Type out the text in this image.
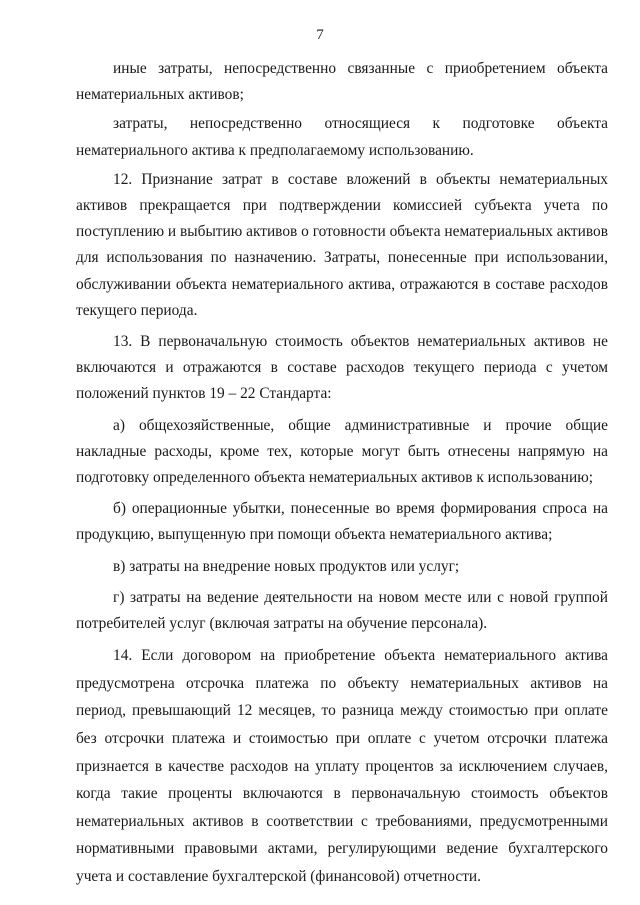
7

иные затраты, непосредственно связанные с приобретением объекта нематериальных активов;

затраты, непосредственно относящиеся к подготовке объекта нематериального актива к предполагаемому использованию.

12. Признание затрат в составе вложений в объекты нематериальных активов прекращается при подтверждении комиссией субъекта учета по поступлению и выбытию активов о готовности объекта нематериальных активов для использования по назначению. Затраты, понесенные при использовании, обслуживании объекта нематериального актива, отражаются в составе расходов текущего периода.

13. В первоначальную стоимость объектов нематериальных активов не включаются и отражаются в составе расходов текущего периода с учетом положений пунктов 19 – 22 Стандарта:

а) общехозяйственные, общие административные и прочие общие накладные расходы, кроме тех, которые могут быть отнесены напрямую на подготовку определенного объекта нематериальных активов к использованию;

б) операционные убытки, понесенные во время формирования спроса на продукцию, выпущенную при помощи объекта нематериального актива;

в) затраты на внедрение новых продуктов или услуг;

г) затраты на ведение деятельности на новом месте или с новой группой потребителей услуг (включая затраты на обучение персонала).

14. Если договором на приобретение объекта нематериального актива предусмотрена отсрочка платежа по объекту нематериальных активов на период, превышающий 12 месяцев, то разница между стоимостью при оплате без отсрочки платежа и стоимостью при оплате с учетом отсрочки платежа признается в качестве расходов на уплату процентов за исключением случаев, когда такие проценты включаются в первоначальную стоимость объектов нематериальных активов в соответствии с требованиями, предусмотренными нормативными правовыми актами, регулирующими ведение бухгалтерского учета и составление бухгалтерской (финансовой) отчетности.
